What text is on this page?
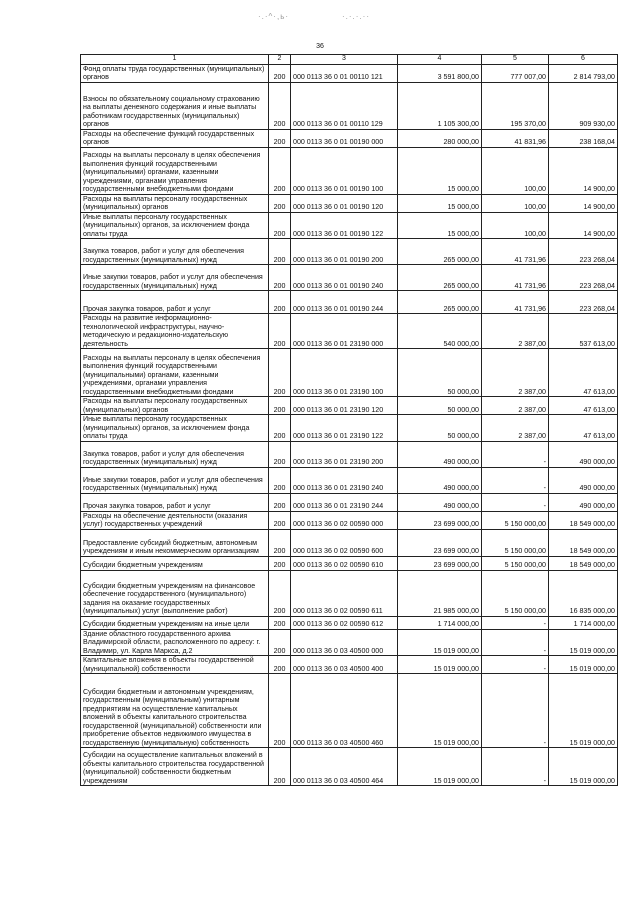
·.·^·,ь·	·.·.·.··
36
1	2	3	4	5	6
Фонд оплаты труда государственных (муниципальных) органов	200	000 0113 36 0 01 00110 121	3 591 800,00	777 007,00	2 814 793,00
Взносы по обязательному социальному страхованию на выплаты денежного содержания и иные выплаты работникам государственных (муниципальных) органов	200	000 0113 36 0 01 00110 129	1 105 300,00	195 370,00	909 930,00
Расходы на обеспечение функций государственных органов	200	000 0113 36 0 01 00190 000	280 000,00	41 831,96	238 168,04
Расходы на выплаты персоналу в целях обеспечения выполнения функций государственными (муниципальными) органами, казенными учреждениями, органами управления государственными внебюджетными фондами	200	000 0113 36 0 01 00190 100	15 000,00	100,00	14 900,00
Расходы на выплаты персоналу государственных (муниципальных) органов	200	000 0113 36 0 01 00190 120	15 000,00	100,00	14 900,00
Иные выплаты персоналу государственных (муниципальных) органов, за исключением фонда оплаты труда	200	000 0113 36 0 01 00190 122	15 000,00	100,00	14 900,00
Закупка товаров, работ и услуг для обеспечения государственных (муниципальных) нужд	200	000 0113 36 0 01 00190 200	265 000,00	41 731,96	223 268,04
Иные закупки товаров, работ и услуг для обеспечения государственных (муниципальных) нужд	200	000 0113 36 0 01 00190 240	265 000,00	41 731,96	223 268,04
Прочая закупка товаров, работ и услуг	200	000 0113 36 0 01 00190 244	265 000,00	41 731,96	223 268,04
Расходы на развитие информационно-технологической инфраструктуры, научно-методическую и редакционно-издательскую деятельность	200	000 0113 36 0 01 23190 000	540 000,00	2 387,00	537 613,00
Расходы на выплаты персоналу в целях обеспечения выполнения функций государственными (муниципальными) органами, казенными учреждениями, органами управления государственными внебюджетными фондами	200	000 0113 36 0 01 23190 100	50 000,00	2 387,00	47 613,00
Расходы на выплаты персоналу государственных (муниципальных) органов	200	000 0113 36 0 01 23190 120	50 000,00	2 387,00	47 613,00
Иные выплаты персоналу государственных (муниципальных) органов, за исключением фонда оплаты труда	200	000 0113 36 0 01 23190 122	50 000,00	2 387,00	47 613,00
Закупка товаров, работ и услуг для обеспечения государственных (муниципальных) нужд	200	000 0113 36 0 01 23190 200	490 000,00	-	490 000,00
Иные закупки товаров, работ и услуг для обеспечения государственных (муниципальных) нужд	200	000 0113 36 0 01 23190 240	490 000,00	-	490 000,00
Прочая закупка товаров, работ и услуг	200	000 0113 36 0 01 23190 244	490 000,00	-	490 000,00
Расходы на обеспечение деятельности (оказания услуг) государственных учреждений	200	000 0113 36 0 02 00590 000	23 699 000,00	5 150 000,00	18 549 000,00
Предоставление субсидий бюджетным, автономным учреждениям и иным некоммерческим организациям	200	000 0113 36 0 02 00590 600	23 699 000,00	5 150 000,00	18 549 000,00
Субсидии бюджетным учреждениям	200	000 0113 36 0 02 00590 610	23 699 000,00	5 150 000,00	18 549 000,00
Субсидии бюджетным учреждениям на финансовое обеспечение государственного (муниципального) задания на оказание государственных (муниципальных) услуг (выполнение работ)	200	000 0113 36 0 02 00590 611	21 985 000,00	5 150 000,00	16 835 000,00
Субсидии бюджетным учреждениям на иные цели	200	000 0113 36 0 02 00590 612	1 714 000,00	-	1 714 000,00
Здание областного государственного архива Владимирской области, расположенного по адресу: г. Владимир, ул. Карла Маркса, д.2	200	000 0113 36 0 03 40500 000	15 019 000,00	-	15 019 000,00
Капитальные вложения в объекты государственной (муниципальной) собственности	200	000 0113 36 0 03 40500 400	15 019 000,00	-	15 019 000,00
Субсидии бюджетным и автономным учреждениям, государственным (муниципальным) унитарным предприятиям на осуществление капитальных вложений в объекты капитального строительства государственной (муниципальной) собственности или приобретение объектов недвижимого имущества в государственную (муниципальную) собственность	200	000 0113 36 0 03 40500 460	15 019 000,00	-	15 019 000,00
Субсидии на осуществление капитальных вложений в объекты капитального строительства государственной (муниципальной) собственности бюджетным учреждениям	200	000 0113 36 0 03 40500 464	15 019 000,00	-	15 019 000,00
